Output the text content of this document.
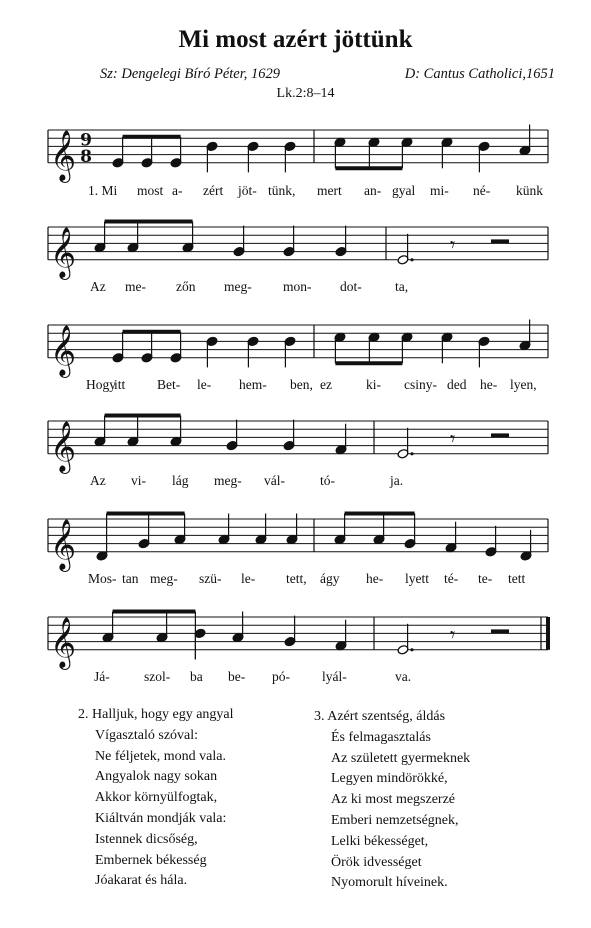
Mi most azért jöttünk
Sz: Dengelegi Bíró Péter, 1629	D: Cantus Catholici,1651
Lk.2:8–14
𝄞 9
8
𝄞	𝄾
𝄞
𝄞	𝄾
𝄞
𝄞	𝄾
1. Mi most a- zért jöt- tünk, mert an- gyal mi- né- künk
Az me- zőn meg- mon- dot- ta,
Hogy
itt Bet- le- hem- ben, ez	ki- csiny- ded he- lyen,
Az vi- lág meg- vál-	tó-	ja.
Mos- tan meg- szü- le- tett, ágy he- lyett té- te- tett
Já-	szol- ba be- pó- lyál-	va.
2. Halljuk, hogy egy angyal
Vígasztaló szóval:
Ne féljetek, mond vala.
Angyalok nagy sokan
Akkor környülfogtak,
Kiáltván mondják vala:
Istennek dicsőség,
Embernek békesség
Jóakarat és hála.
3. Azért szentség, áldás
És felmagasztalás
Az született gyermeknek
Legyen mindörökké,
Az ki most megszerzé
Emberi nemzetségnek,
Lelki békességet,
Örök idvességet
Nyomorult híveinek.
